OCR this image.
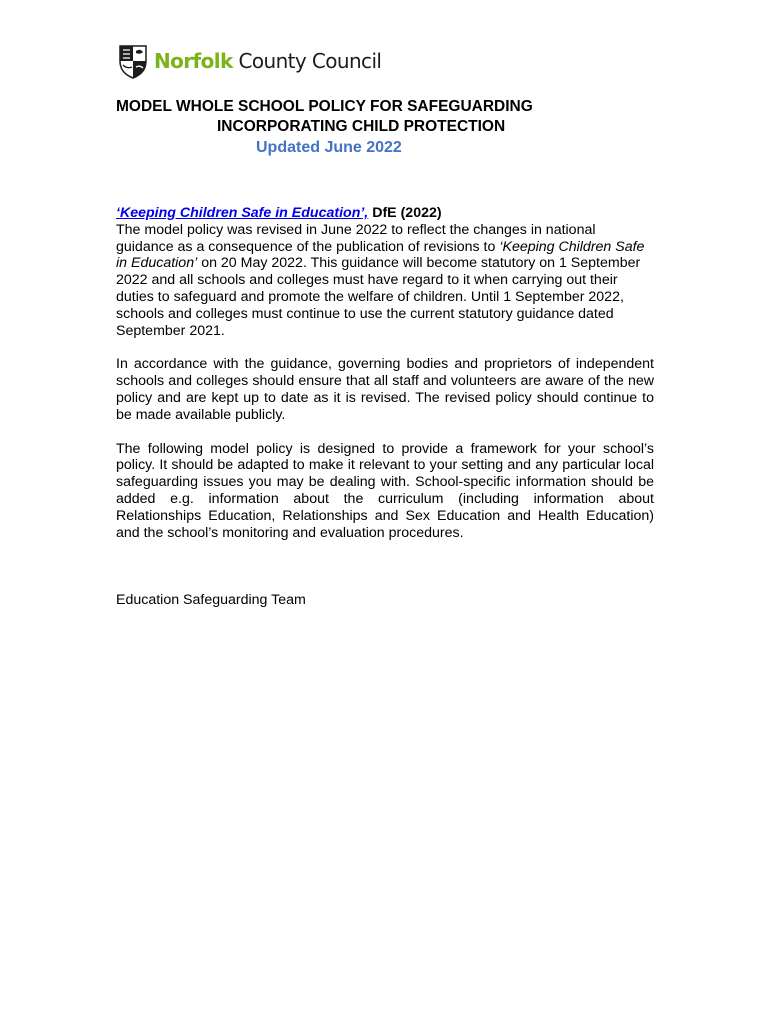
Norfolk County Council
MODEL WHOLE SCHOOL POLICY FOR SAFEGUARDING
INCORPORATING CHILD PROTECTION
Updated June 2022
‘Keeping Children Safe in Education’, DfE (2022)

The model policy was revised in June 2022 to reflect the changes in national guidance as a consequence of the publication of revisions to ‘Keeping Children Safe in Education’ on 20 May 2022. This guidance will become statutory on 1 September 2022 and all schools and colleges must have regard to it when carrying out their duties to safeguard and promote the welfare of children. Until 1 September 2022, schools and colleges must continue to use the current statutory guidance dated September 2021.

In accordance with the guidance, governing bodies and proprietors of independent schools and colleges should ensure that all staff and volunteers are aware of the new policy and are kept up to date as it is revised. The revised policy should continue to be made available publicly.

The following model policy is designed to provide a framework for your school’s policy. It should be adapted to make it relevant to your setting and any particular local safeguarding issues you may be dealing with. School-specific information should be added e.g. information about the curriculum (including information about Relationships Education, Relationships and Sex Education and Health Education) and the school’s monitoring and evaluation procedures.

Education Safeguarding Team
